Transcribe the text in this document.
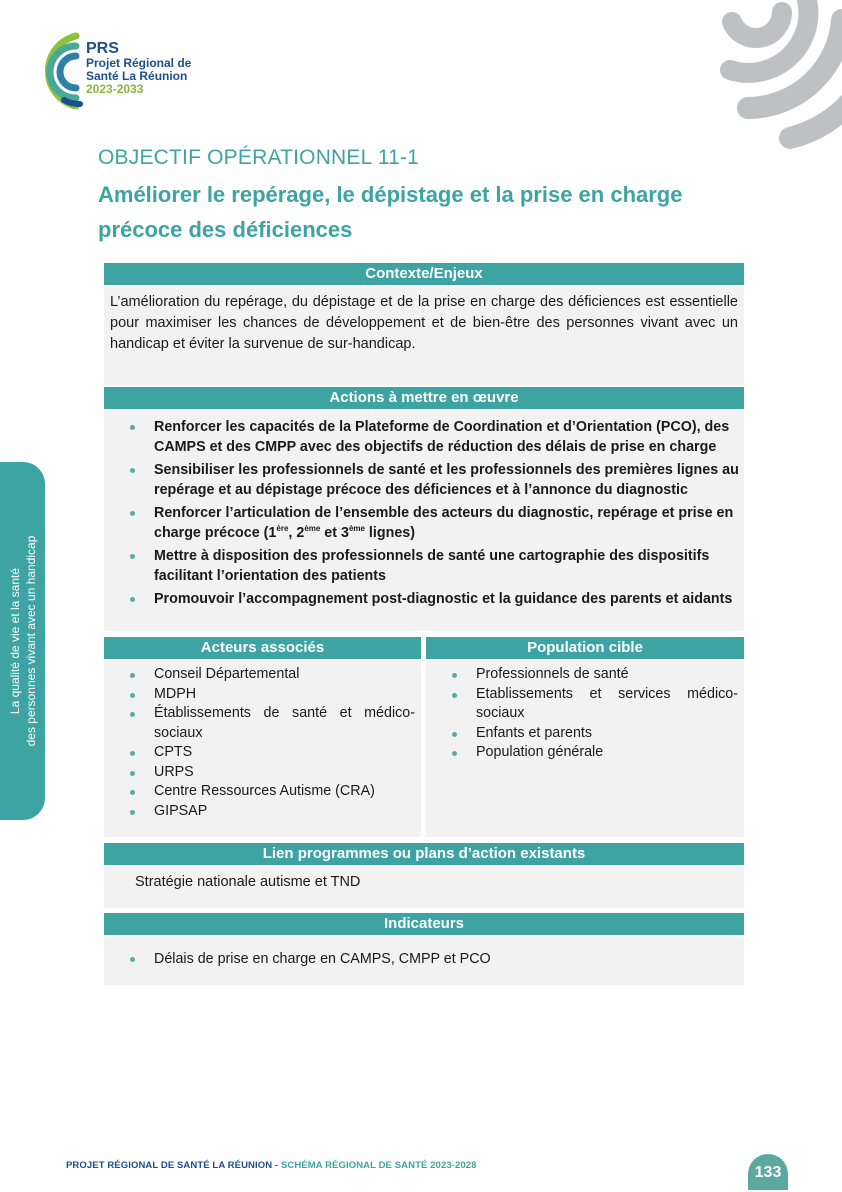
PRS
Projet Régional de
Santé La Réunion
2023-2033
La qualité de vie et la santé des personnes vivant avec un handicap
OBJECTIF OPÉRATIONNEL 11-1
Améliorer le repérage, le dépistage et la prise en charge précoce des déficiences
Contexte/Enjeux
L’amélioration du repérage, du dépistage et de la prise en charge des déficiences est essentielle pour maximiser les chances de développement et de bien-être des personnes vivant avec un handicap et éviter la survenue de sur-handicap.
Actions à mettre en œuvre
Renforcer les capacités de la Plateforme de Coordination et d’Orientation (PCO), des CAMPS et des CMPP avec des objectifs de réduction des délais de prise en charge
Sensibiliser les professionnels de santé et les professionnels des premières lignes au repérage et au dépistage précoce des déficiences et à l’annonce du diagnostic
Renforcer l’articulation de l’ensemble des acteurs du diagnostic, repérage et prise en charge précoce (1ère, 2ème et 3ème lignes)
Mettre à disposition des professionnels de santé une cartographie des dispositifs facilitant l’orientation des patients
Promouvoir l’accompagnement post-diagnostic et la guidance des parents et aidants
Acteurs associés
Conseil Départemental
MDPH
Établissements de santé et médico-sociaux
CPTS
URPS
Centre Ressources Autisme (CRA)
GIPSAP
Population cible
Professionnels de santé
Etablissements et services médico-sociaux
Enfants et parents
Population générale
Lien programmes ou plans d’action existants
Stratégie nationale autisme et TND
Indicateurs
Délais de prise en charge en CAMPS, CMPP et PCO
PROJET RÉGIONAL DE SANTÉ LA RÉUNION - SCHÉMA RÉGIONAL DE SANTÉ 2023-2028	133
